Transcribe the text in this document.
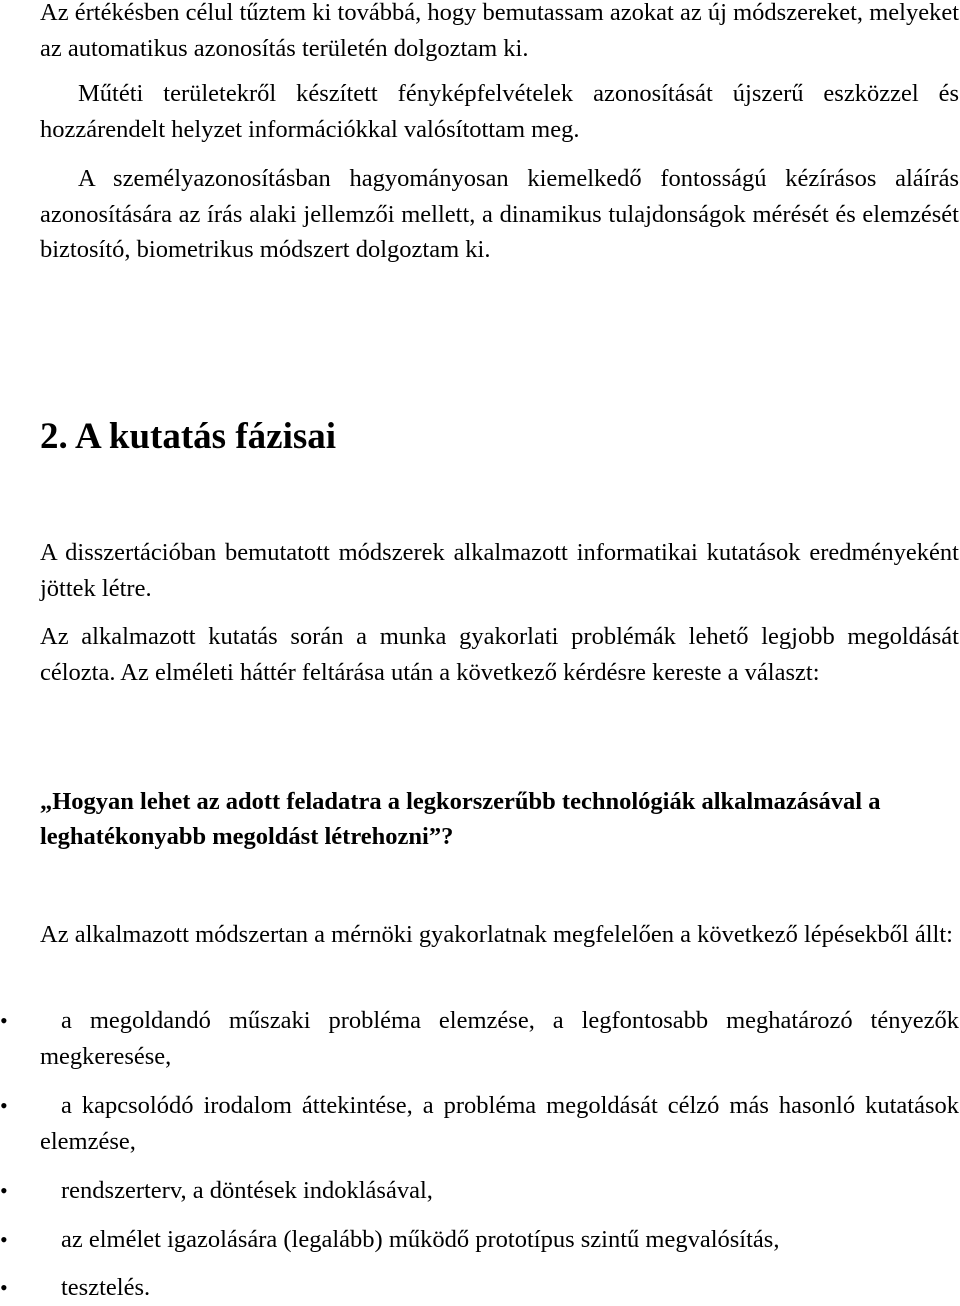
Az értékésben célul tűztem ki továbbá, hogy bemutassam azokat az új módszereket, melyeket az automatikus azonosítás területén dolgoztam ki.

Műtéti területekről készített fényképfelvételek azonosítását újszerű eszközzel és hozzárendelt helyzet információkkal valósítottam meg.

A személyazonosításban hagyományosan kiemelkedő fontosságú kézírásos aláírás azonosítására az írás alaki jellemzői mellett, a dinamikus tulajdonságok mérését és elemzését biztosító, biometrikus módszert dolgoztam ki.

2. A kutatás fázisai

A disszertációban bemutatott módszerek alkalmazott informatikai kutatások eredményeként jöttek létre.

Az alkalmazott kutatás során a munka gyakorlati problémák lehető legjobb megoldását célozta. Az elméleti háttér feltárása után a következő kérdésre kereste a választ:

„Hogyan lehet az adott feladatra a legkorszerűbb technológiák alkalmazásával a leghatékonyabb megoldást létrehozni”?

Az alkalmazott módszertan a mérnöki gyakorlatnak megfelelően a következő lépésekből állt:

•	a megoldandó műszaki probléma elemzése, a legfontosabb meghatározó tényezők megkeresése,
•	a kapcsolódó irodalom áttekintése, a probléma megoldását célzó más hasonló kutatások elemzése,
•	rendszerterv, a döntések indoklásával,
•	az elmélet igazolására (legalább) működő prototípus szintű megvalósítás,
•	tesztelés.
